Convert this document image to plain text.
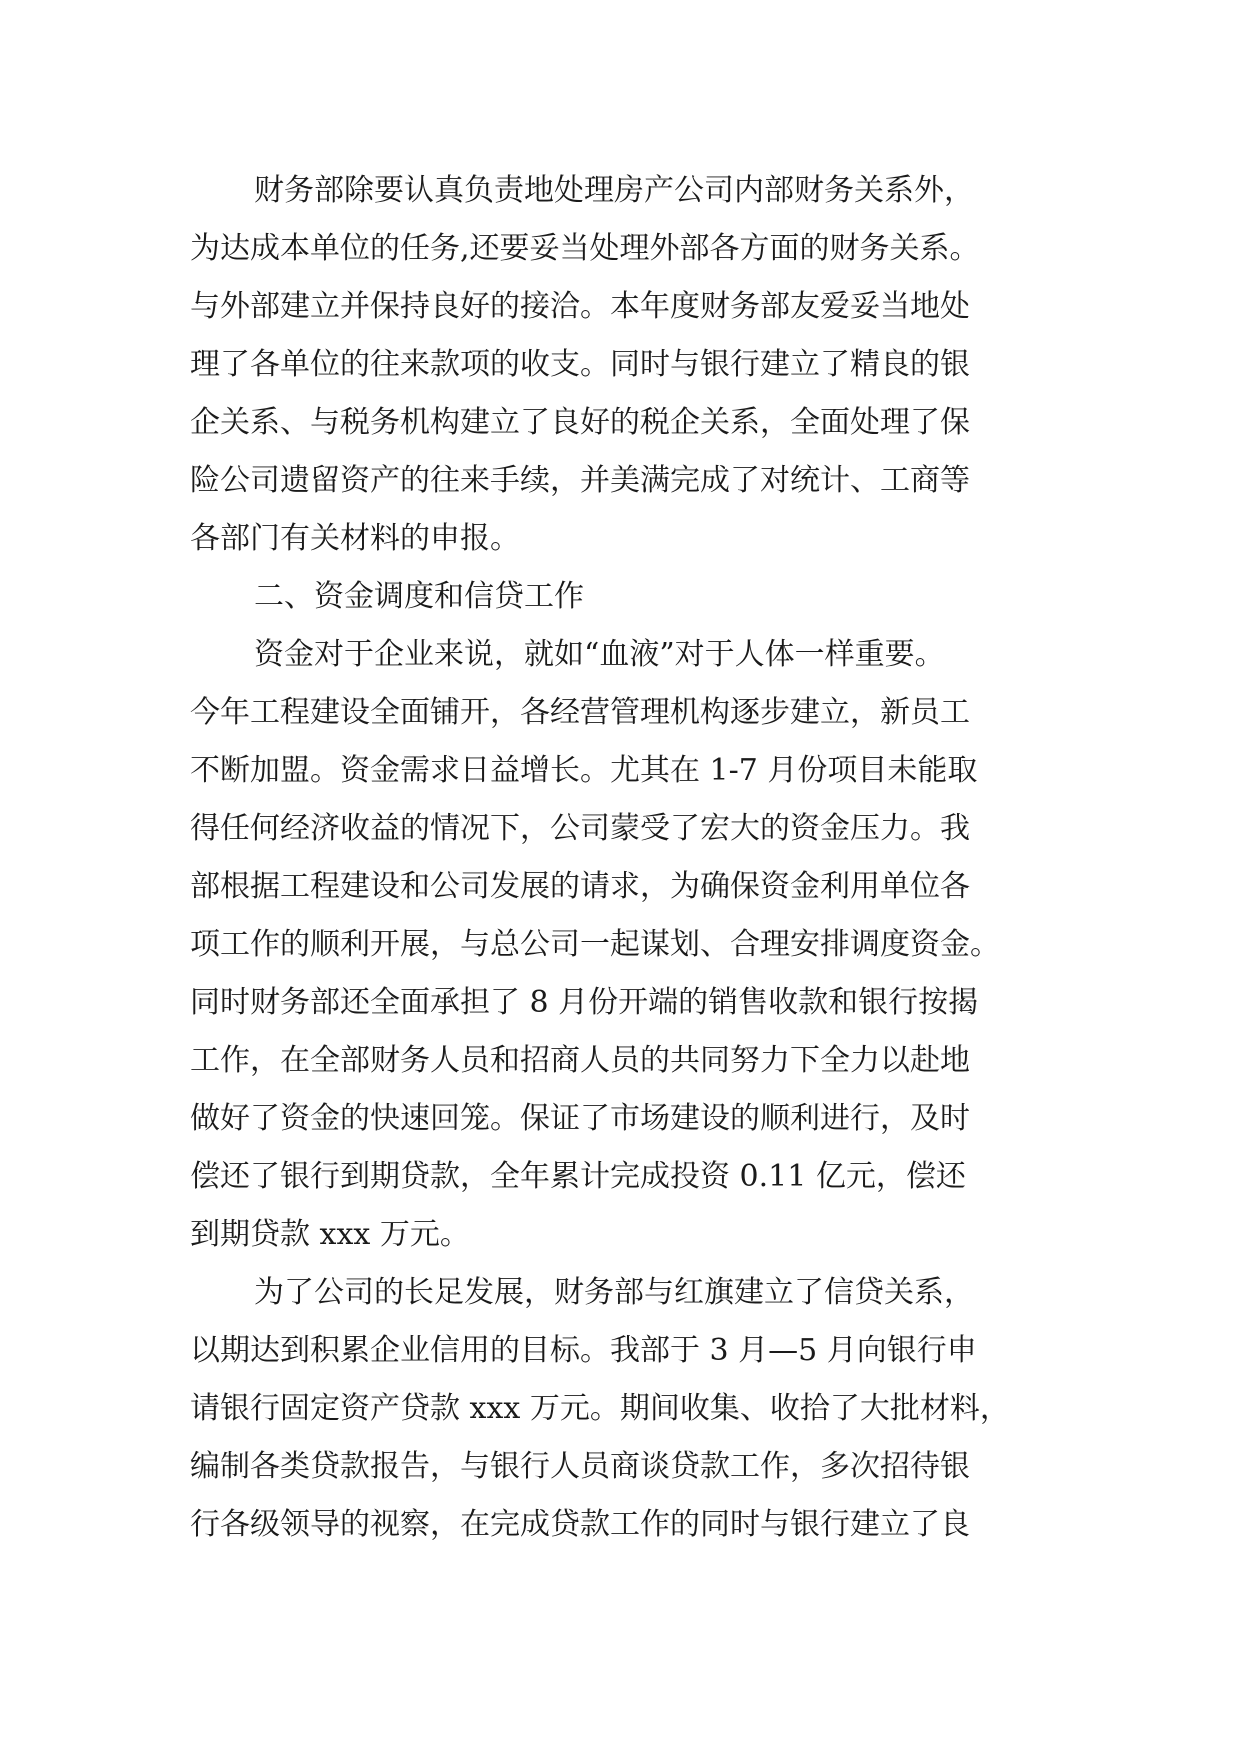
财务部除要认真负责地处理房产公司内部财务关系外，
为达成本单位的任务,还要妥当处理外部各方面的财务关系。
与外部建立并保持良好的接洽。本年度财务部友爱妥当地处
理了各单位的往来款项的收支。同时与银行建立了精良的银
企关系、与税务机构建立了良好的税企关系，全面处理了保
险公司遗留资产的往来手续，并美满完成了对统计、工商等
各部门有关材料的申报。
二、资金调度和信贷工作
资金对于企业来说，就如“血液”对于人体一样重要。
今年工程建设全面铺开，各经营管理机构逐步建立，新员工
不断加盟。资金需求日益增长。尤其在 1-7 月份项目未能取
得任何经济收益的情况下，公司蒙受了宏大的资金压力。我
部根据工程建设和公司发展的请求，为确保资金利用单位各
项工作的顺利开展，与总公司一起谋划、合理安排调度资金。
同时财务部还全面承担了 8 月份开端的销售收款和银行按揭
工作，在全部财务人员和招商人员的共同努力下全力以赴地
做好了资金的快速回笼。保证了市场建设的顺利进行，及时
偿还了银行到期贷款，全年累计完成投资 0.11 亿元，偿还
到期贷款 xxx 万元。
为了公司的长足发展，财务部与红旗建立了信贷关系，
以期达到积累企业信用的目标。我部于 3 月—5 月向银行申
请银行固定资产贷款 xxx 万元。期间收集、收拾了大批材料，
编制各类贷款报告，与银行人员商谈贷款工作，多次招待银
行各级领导的视察，在完成贷款工作的同时与银行建立了良
